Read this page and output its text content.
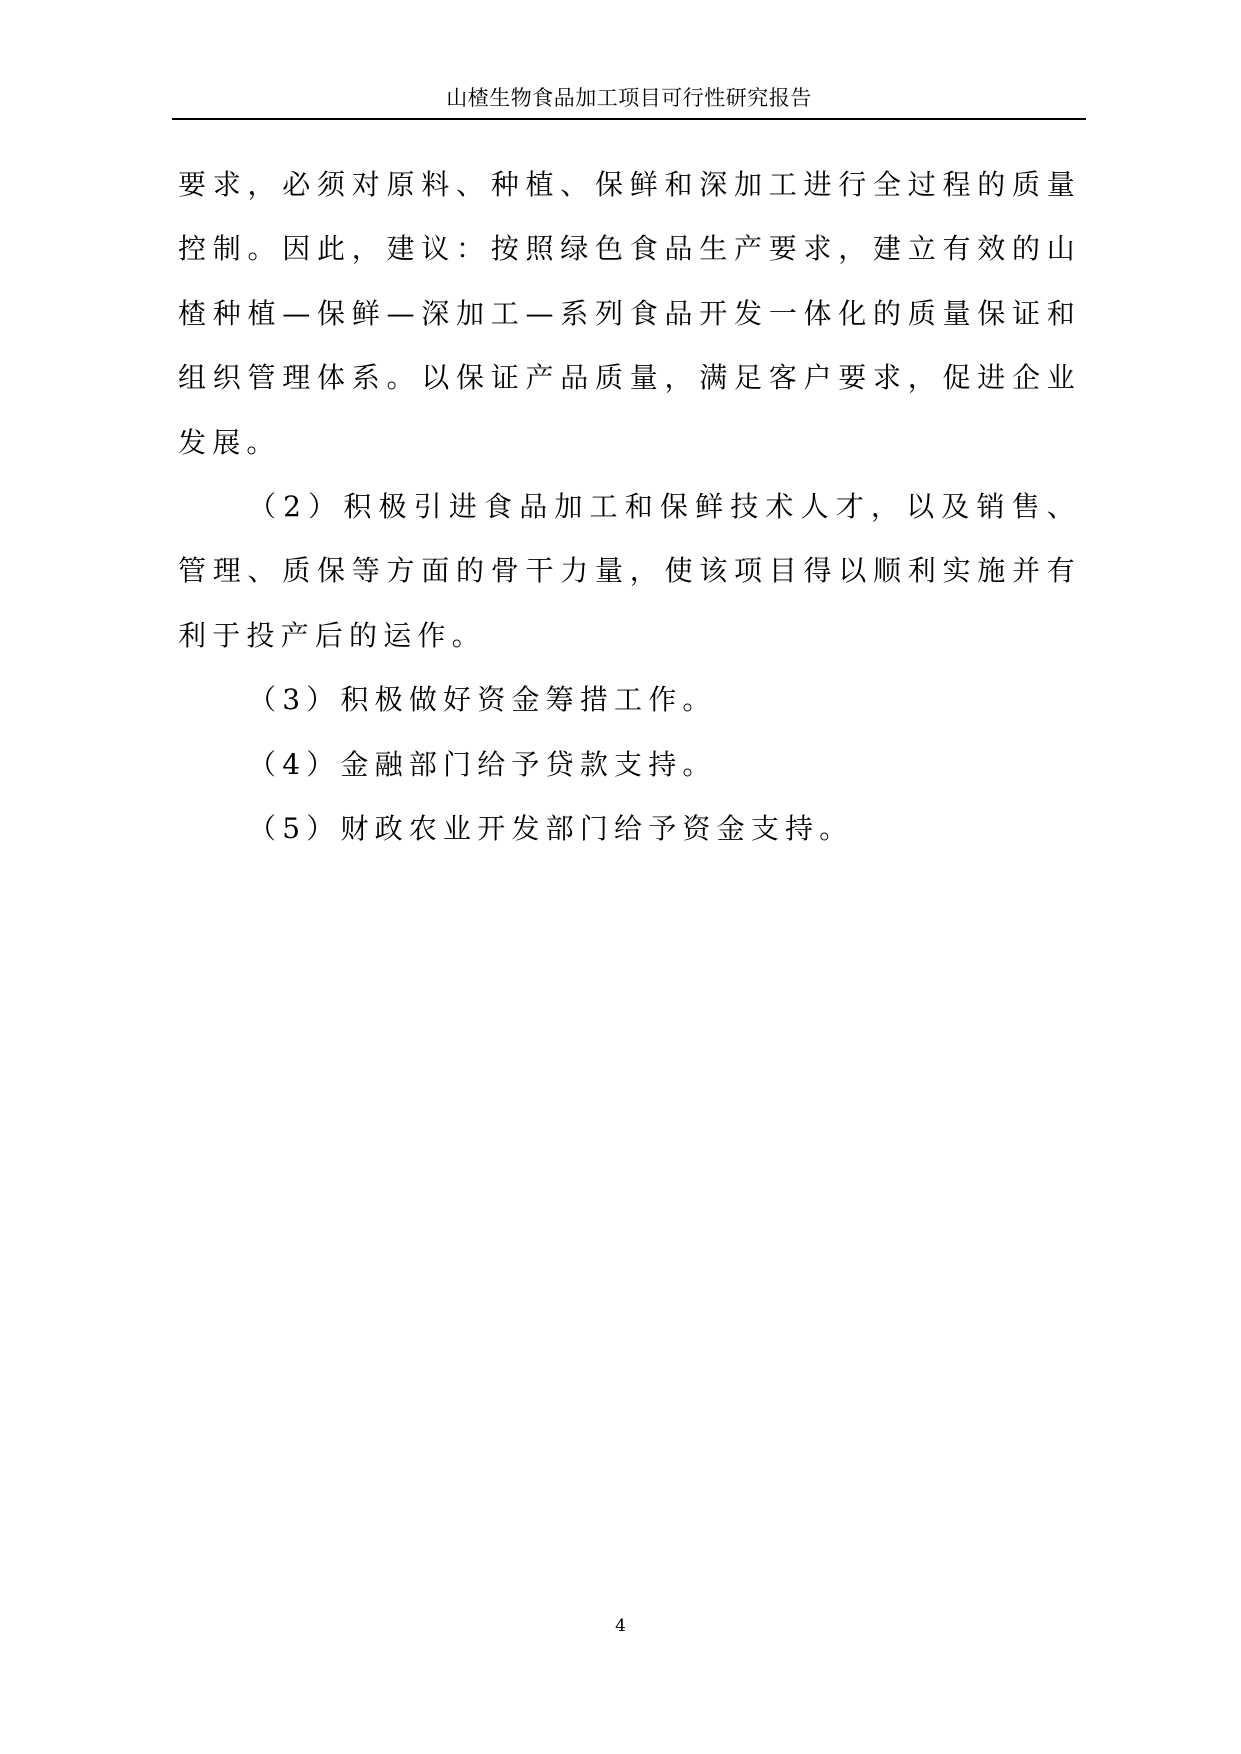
山楂生物食品加工项目可行性研究报告

要求，必须对原料、种植、保鲜和深加工进行全过程的质量控制。因此，建议：按照绿色食品生产要求，建立有效的山楂种植—保鲜—深加工—系列食品开发一体化的质量保证和组织管理体系。以保证产品质量，满足客户要求，促进企业发展。

（2）积极引进食品加工和保鲜技术人才，以及销售、管理、质保等方面的骨干力量，使该项目得以顺利实施并有利于投产后的运作。

（3）积极做好资金筹措工作。

（4）金融部门给予贷款支持。

（5）财政农业开发部门给予资金支持。

4
